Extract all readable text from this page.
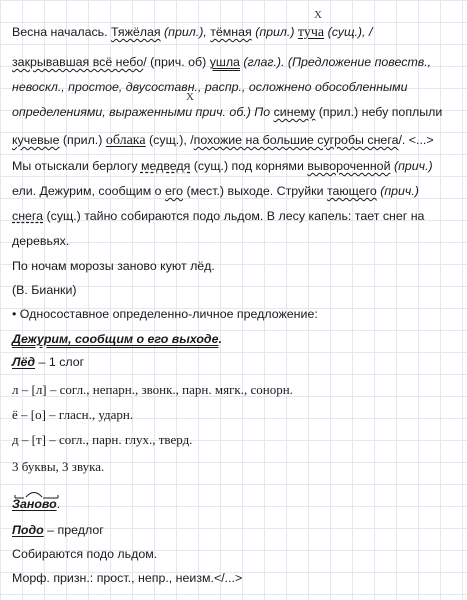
X
X
Весна началась. Тяжёлая (прил.), тёмная (прил.) туча (сущ.), /
закрывавшая всё небо/ (прич. об) ушла (глаг.). (Предложение повеств.,
невоскл., простое, двусоставн., распр., осложнено обособленными
определениями, выраженными прич. об.) По синему (прил.) небу поплыли
кучевые (прил.) облака (сущ.), /похожие на большие сугробы снега/. <...>
Мы отыскали берлогу медведя (сущ.) под корнями вывороченной (прич.)
ели. Дежурим, сообщим о его (мест.) выходе. Струйки тающего (прич.)
снега (сущ.) тайно собираются подо льдом. В лесу капель: тает снег на
деревьях.
По ночам морозы заново куют лёд.
(В. Бианки)
• Односоставное определенно-личное предложение:
Дежурим, сообщим о его выходе.
Лёд – 1 слог
л – [л] – согл., непарн., звонк., парн. мягк., сонорн.
ё – [о] – гласн., ударн.
д – [т] – согл., парн. глух., тверд.
3 буквы, 3 звука.
Заново.
Подо – предлог
Собираются подо льдом.
Морф. призн.: прост., непр., неизм.</...>
